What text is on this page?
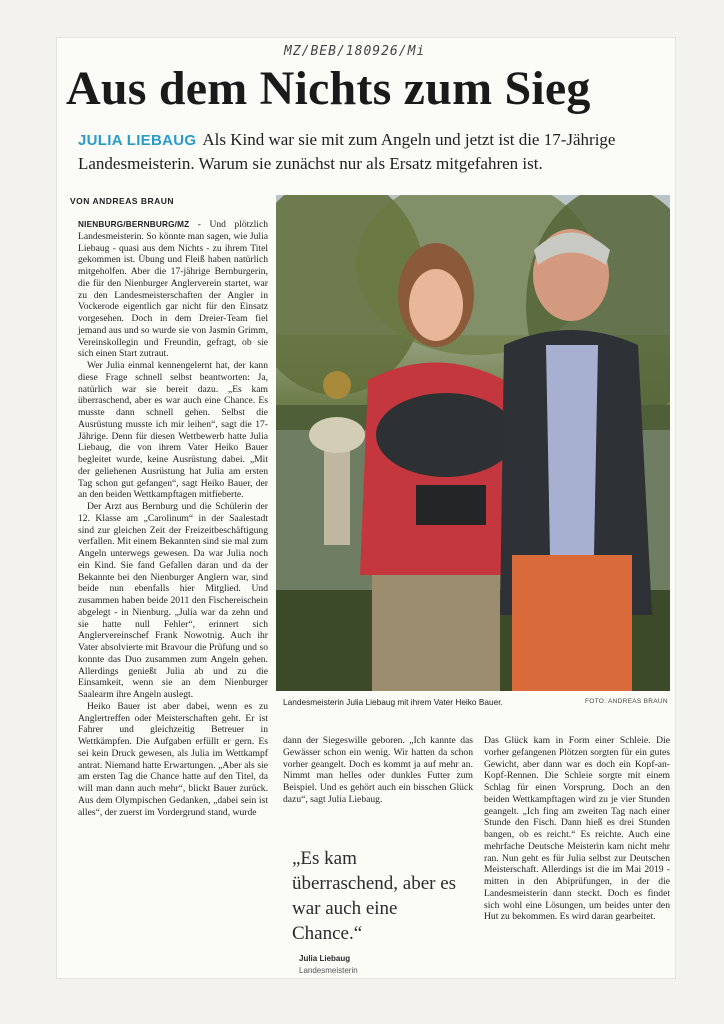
MZ/BEB/180926/Mi
Aus dem Nichts zum Sieg
JULIA LIEBAUG Als Kind war sie mit zum Angeln und jetzt ist die 17-Jährige Landesmeisterin. Warum sie zunächst nur als Ersatz mitgefahren ist.
VON ANDREAS BRAUN

NIENBURG/BERNBURG/MZ - Und plötzlich Landesmeisterin. So könnte man sagen, wie Julia Liebaug - quasi aus dem Nichts - zu ihrem Titel gekommen ist. Übung und Fleiß haben natürlich mitgeholfen. Aber die 17-jährige Bernburgerin, die für den Nienburger Anglerverein startet, war zu den Landesmeisterschaften der Angler in Vockerode eigentlich gar nicht für den Einsatz vorgesehen. Doch in dem Dreier-Team fiel jemand aus und so wurde sie von Jasmin Grimm, Vereinskollegin und Freundin, gefragt, ob sie sich einen Start zutraut.

Wer Julia einmal kennengelernt hat, der kann diese Frage schnell selbst beantworten: Ja, natürlich war sie bereit dazu. „Es kam überraschend, aber es war auch eine Chance. Es musste dann schnell gehen. Selbst die Ausrüstung musste ich mir leihen“, sagt die 17-Jährige. Denn für diesen Wettbewerb hatte Julia Liebaug, die von ihrem Vater Heiko Bauer begleitet wurde, keine Ausrüstung dabei. „Mit der geliehenen Ausrüstung hat Julia am ersten Tag schon gut gefangen“, sagt Heiko Bauer, der an den beiden Wettkampftagen mitfieberte.

Der Arzt aus Bernburg und die Schülerin der 12. Klasse am „Carolinum“ in der Saalestadt sind zur gleichen Zeit der Freizeitbeschäftigung verfallen. Mit einem Bekannten sind sie mal zum Angeln unterwegs gewesen. Da war Julia noch ein Kind. Sie fand Gefallen daran und da der Bekannte bei den Nienburger Anglern war, sind beide nun ebenfalls hier Mitglied. Und zusammen haben beide 2011 den Fischereischein abgelegt - in Nienburg. „Julia war da zehn und sie hatte null Fehler“, erinnert sich Anglervereinschef Frank Nowotnig. Auch ihr Vater absolvierte mit Bravour die Prüfung und so konnte das Duo zusammen zum Angeln gehen. Allerdings genießt Julia ab und zu die Einsamkeit, wenn sie an dem Nienburger Saalearm ihre Angeln auslegt.

Heiko Bauer ist aber dabei, wenn es zu Anglertreffen oder Meisterschaften geht. Er ist Fahrer und gleichzeitig Betreuer in Wettkämpfen. Die Aufgaben erfüllt er gern. Es sei kein Druck gewesen, als Julia im Wettkampf antrat. Niemand hatte Erwartungen. „Aber als sie am ersten Tag die Chance hatte auf den Titel, da will man dann auch mehr“, blickt Bauer zurück. Aus dem Olympischen Gedanken, „dabei sein ist alles“, der zuerst im Vordergrund stand, wurde

Landesmeisterin Julia Liebaug mit ihrem Vater Heiko Bauer.	FOTO: ANDREAS BRAUN

dann der Siegeswille geboren. „Ich kannte das Gewässer schon ein wenig. Wir hatten da schon vorher geangelt. Doch es kommt ja auf mehr an. Nimmt man helles oder dunkles Futter zum Beispiel. Und es gehört auch ein bisschen Glück dazu“, sagt Julia Liebaug.

Das Glück kam in Form einer Schleie. Die vorher gefangenen Plötzen sorgten für ein gutes Gewicht, aber dann war es doch ein Kopf-an-Kopf-Rennen. Die Schleie sorgte mit einem Schlag für einen Vorsprung. Doch an den beiden Wettkampftagen wird zu je vier Stunden geangelt. „Ich fing am zweiten Tag nach einer Stunde den Fisch. Dann hieß es drei Stunden bangen, ob es reicht.“ Es reichte. Auch eine mehrfache Deutsche Meisterin kam nicht mehr ran. Nun geht es für Julia selbst zur Deutschen Meisterschaft. Allerdings ist die im Mai 2019 - mitten in den Abiprüfungen, in der die Landesmeisterin dann steckt. Doch es findet sich wohl eine Lösungen, um beides unter den Hut zu bekommen. Es wird daran gearbeitet.

„Es kam überraschend, aber es war auch eine Chance.“
Julia Liebaug
Landesmeisterin
